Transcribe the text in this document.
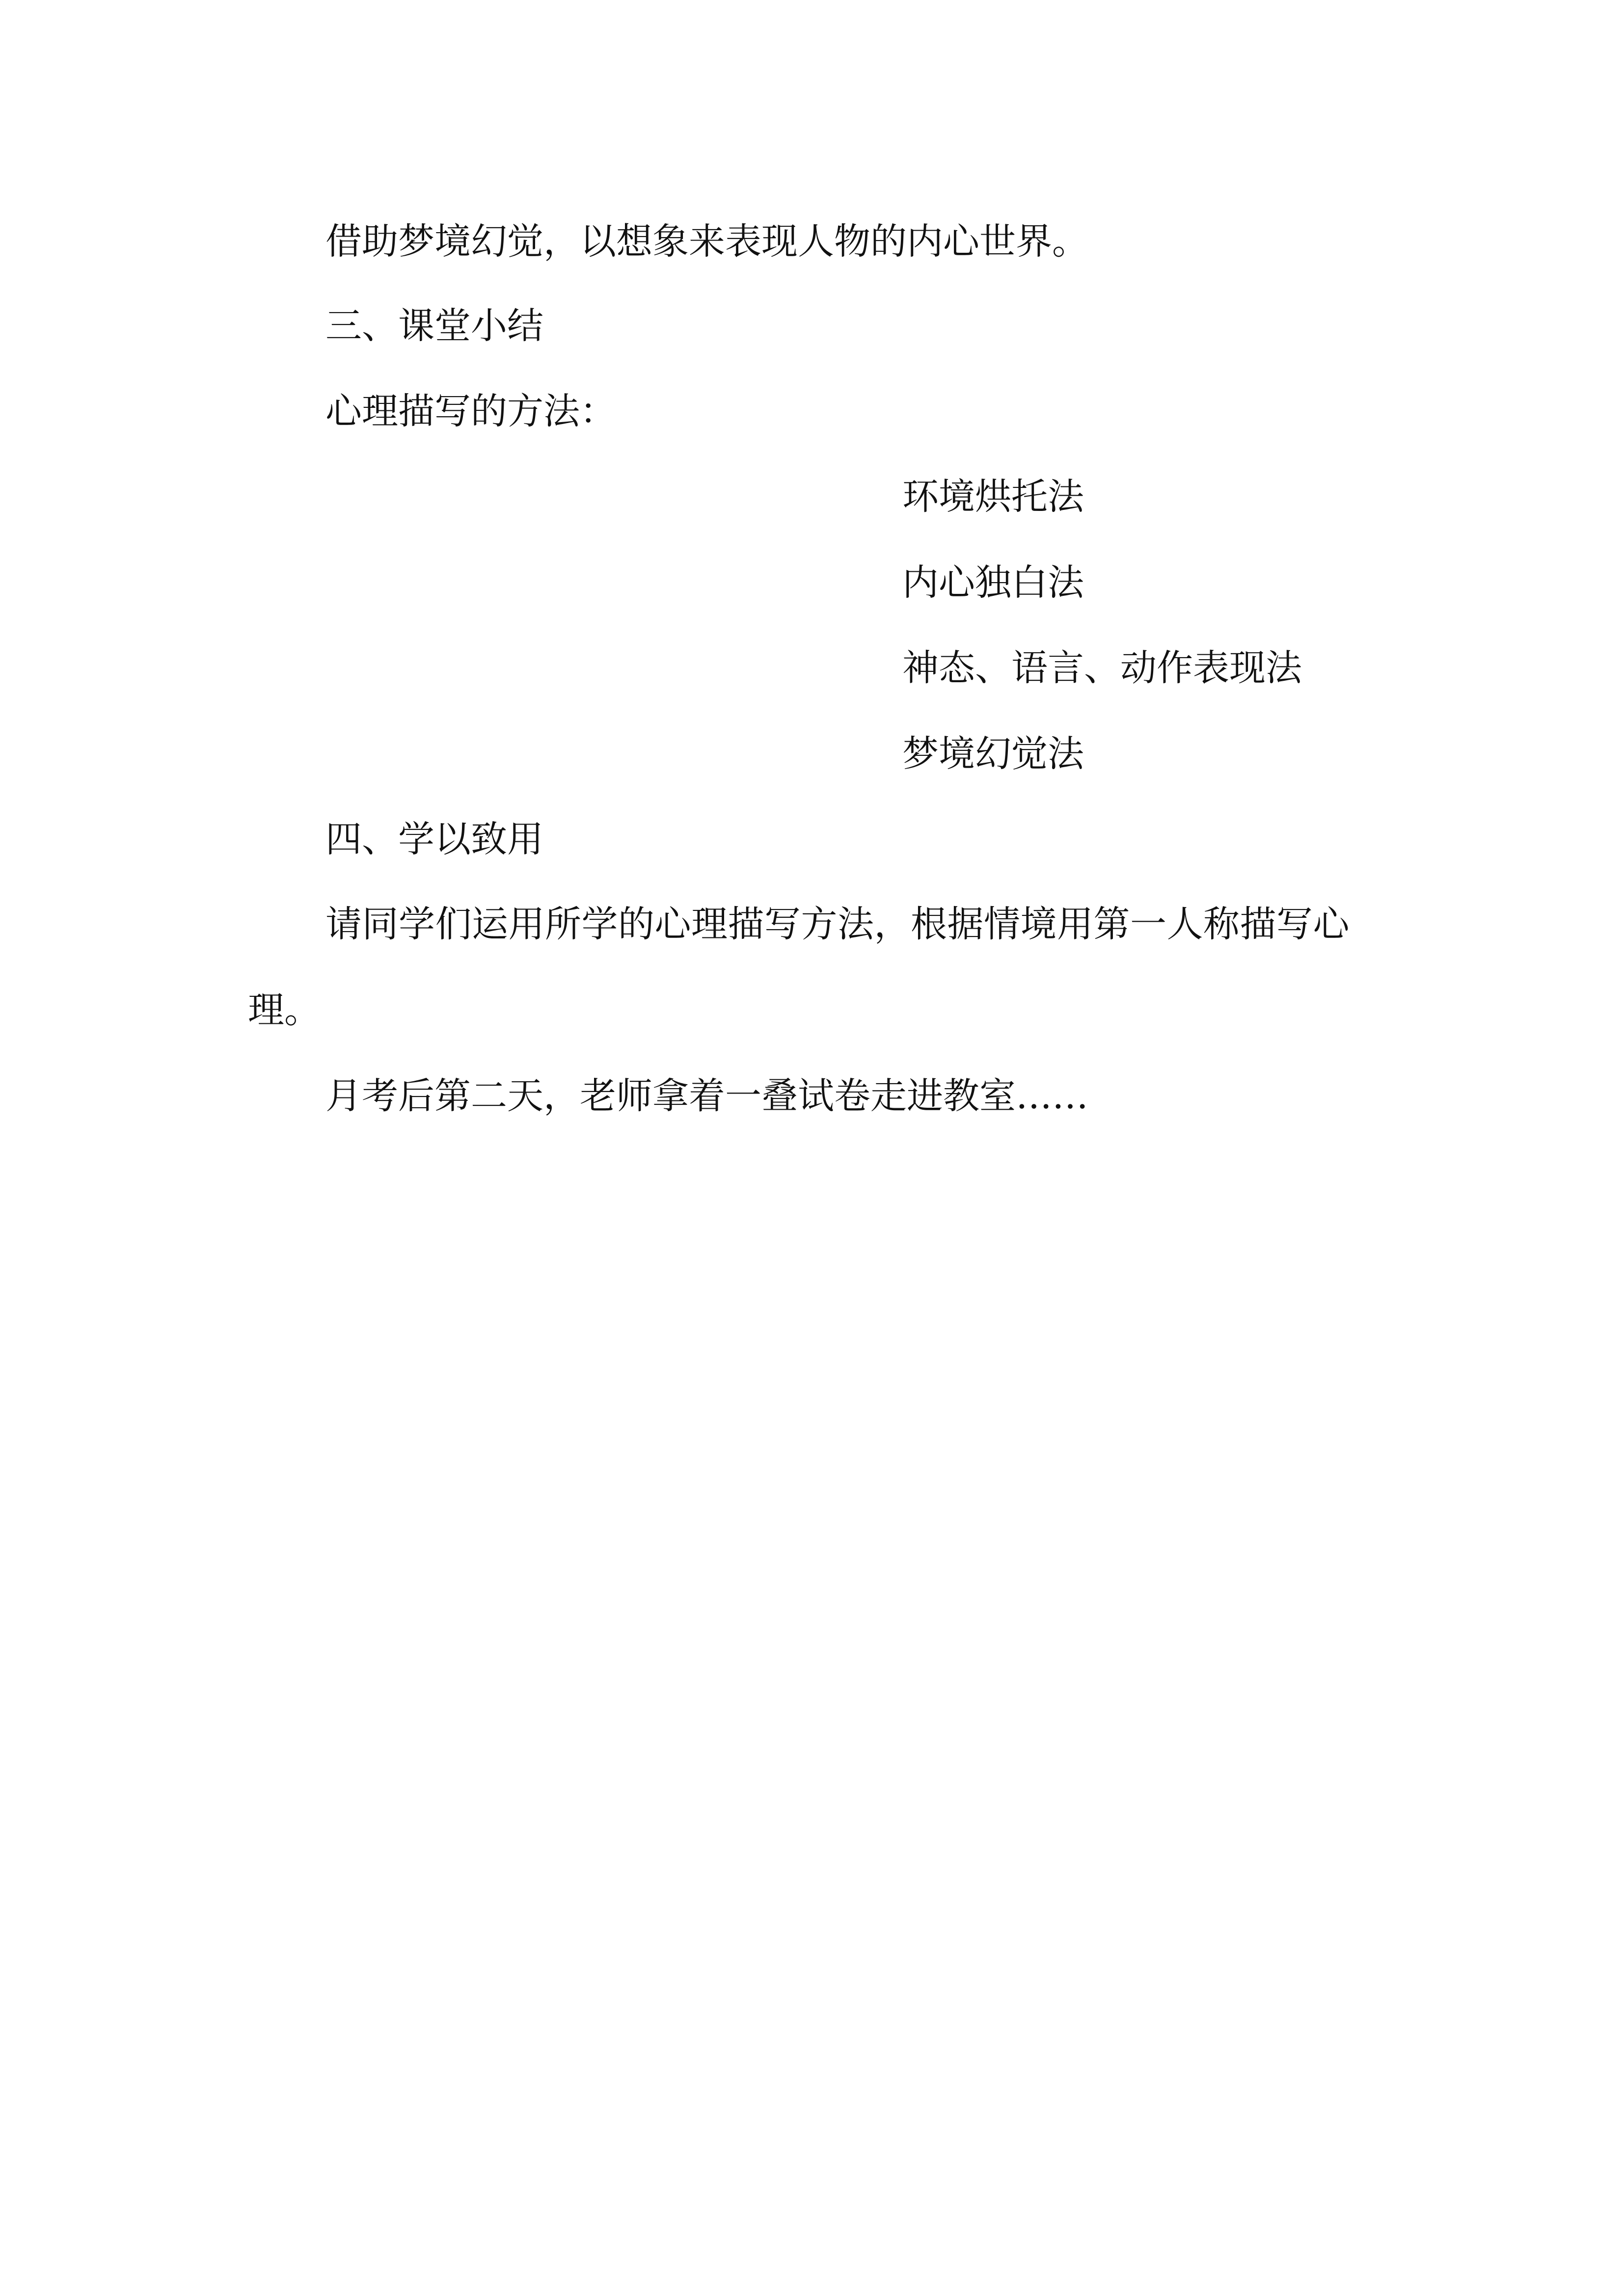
借助梦境幻觉，以想象来表现人物的内心世界。

三、课堂小结

心理描写的方法：

环境烘托法
内心独白法
神态、语言、动作表现法
梦境幻觉法
四、学以致用

请同学们运用所学的心理描写方法，根据情境用第一人称描写心

理。

月考后第二天，老师拿着一叠试卷走进教室……
